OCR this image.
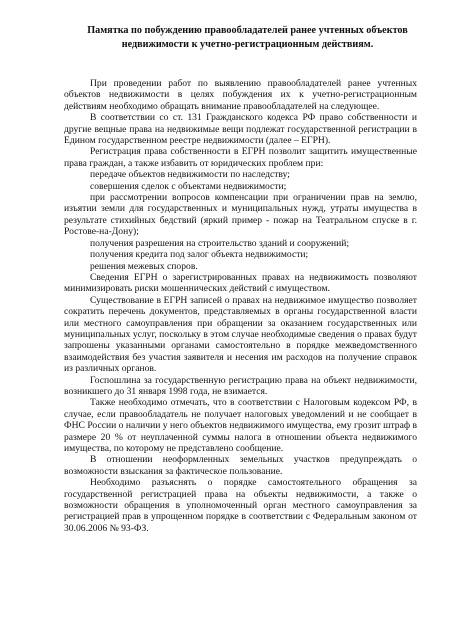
Памятка по побуждению правообладателей ранее учтенных объектов
недвижимости к учетно-регистрационным действиям.

При проведении работ по выявлению правообладателей ранее учтенных объектов недвижимости в целях побуждения их к учетно-регистрационным действиям необходимо обращать внимание правообладателей на следующее.

В соответствии со ст. 131 Гражданского кодекса РФ право собственности и другие вещные права на недвижимые вещи подлежат государственной регистрации в Едином государственном реестре недвижимости (далее – ЕГРН).

Регистрация права собственности в ЕГРН позволит защитить имущественные права граждан, а также избавить от юридических проблем при:

передаче объектов недвижимости по наследству;

совершения сделок с объектами недвижимости;

при рассмотрении вопросов компенсации при ограничении прав на землю, изъятии земли для государственных и муниципальных нужд, утраты имущества в результате стихийных бедствий (яркий пример - пожар на Театральном спуске в г. Ростове-на-Дону);

получения разрешения на строительство зданий и сооружений;

получения кредита под залог объекта недвижимости;

решения межевых споров.

Сведения ЕГРН о зарегистрированных правах на недвижимость позволяют минимизировать риски мошеннических действий с имуществом.

Существование в ЕГРН записей о правах на недвижимое имущество позволяет сократить перечень документов, представляемых в органы государственной власти или местного самоуправления при обращении за оказанием государственных или муниципальных услуг, поскольку в этом случае необходимые сведения о правах будут запрошены указанными органами самостоятельно в порядке межведомственного взаимодействия без участия заявителя и несения им расходов на получение справок из различных органов.

Госпошлина за государственную регистрацию права на объект недвижимости, возникшего до 31 января 1998 года, не взимается.

Также необходимо отмечать, что в соответствии с Налоговым кодексом РФ, в случае, если правообладатель не получает налоговых уведомлений и не сообщает в ФНС России о наличии у него объектов недвижимого имущества, ему грозит штраф в размере 20 % от неуплаченной суммы налога в отношении объекта недвижимого имущества, по которому не представлено сообщение.

В отношении неоформленных земельных участков предупреждать о возможности взыскания за фактическое пользование.

Необходимо разъяснять о порядке самостоятельного обращения за государственной регистрацией права на объекты недвижимости, а также о возможности обращения в уполномоченный орган местного самоуправления за регистрацией прав в упрощенном порядке в соответствии с Федеральным законом от 30.06.2006 № 93-ФЗ.
